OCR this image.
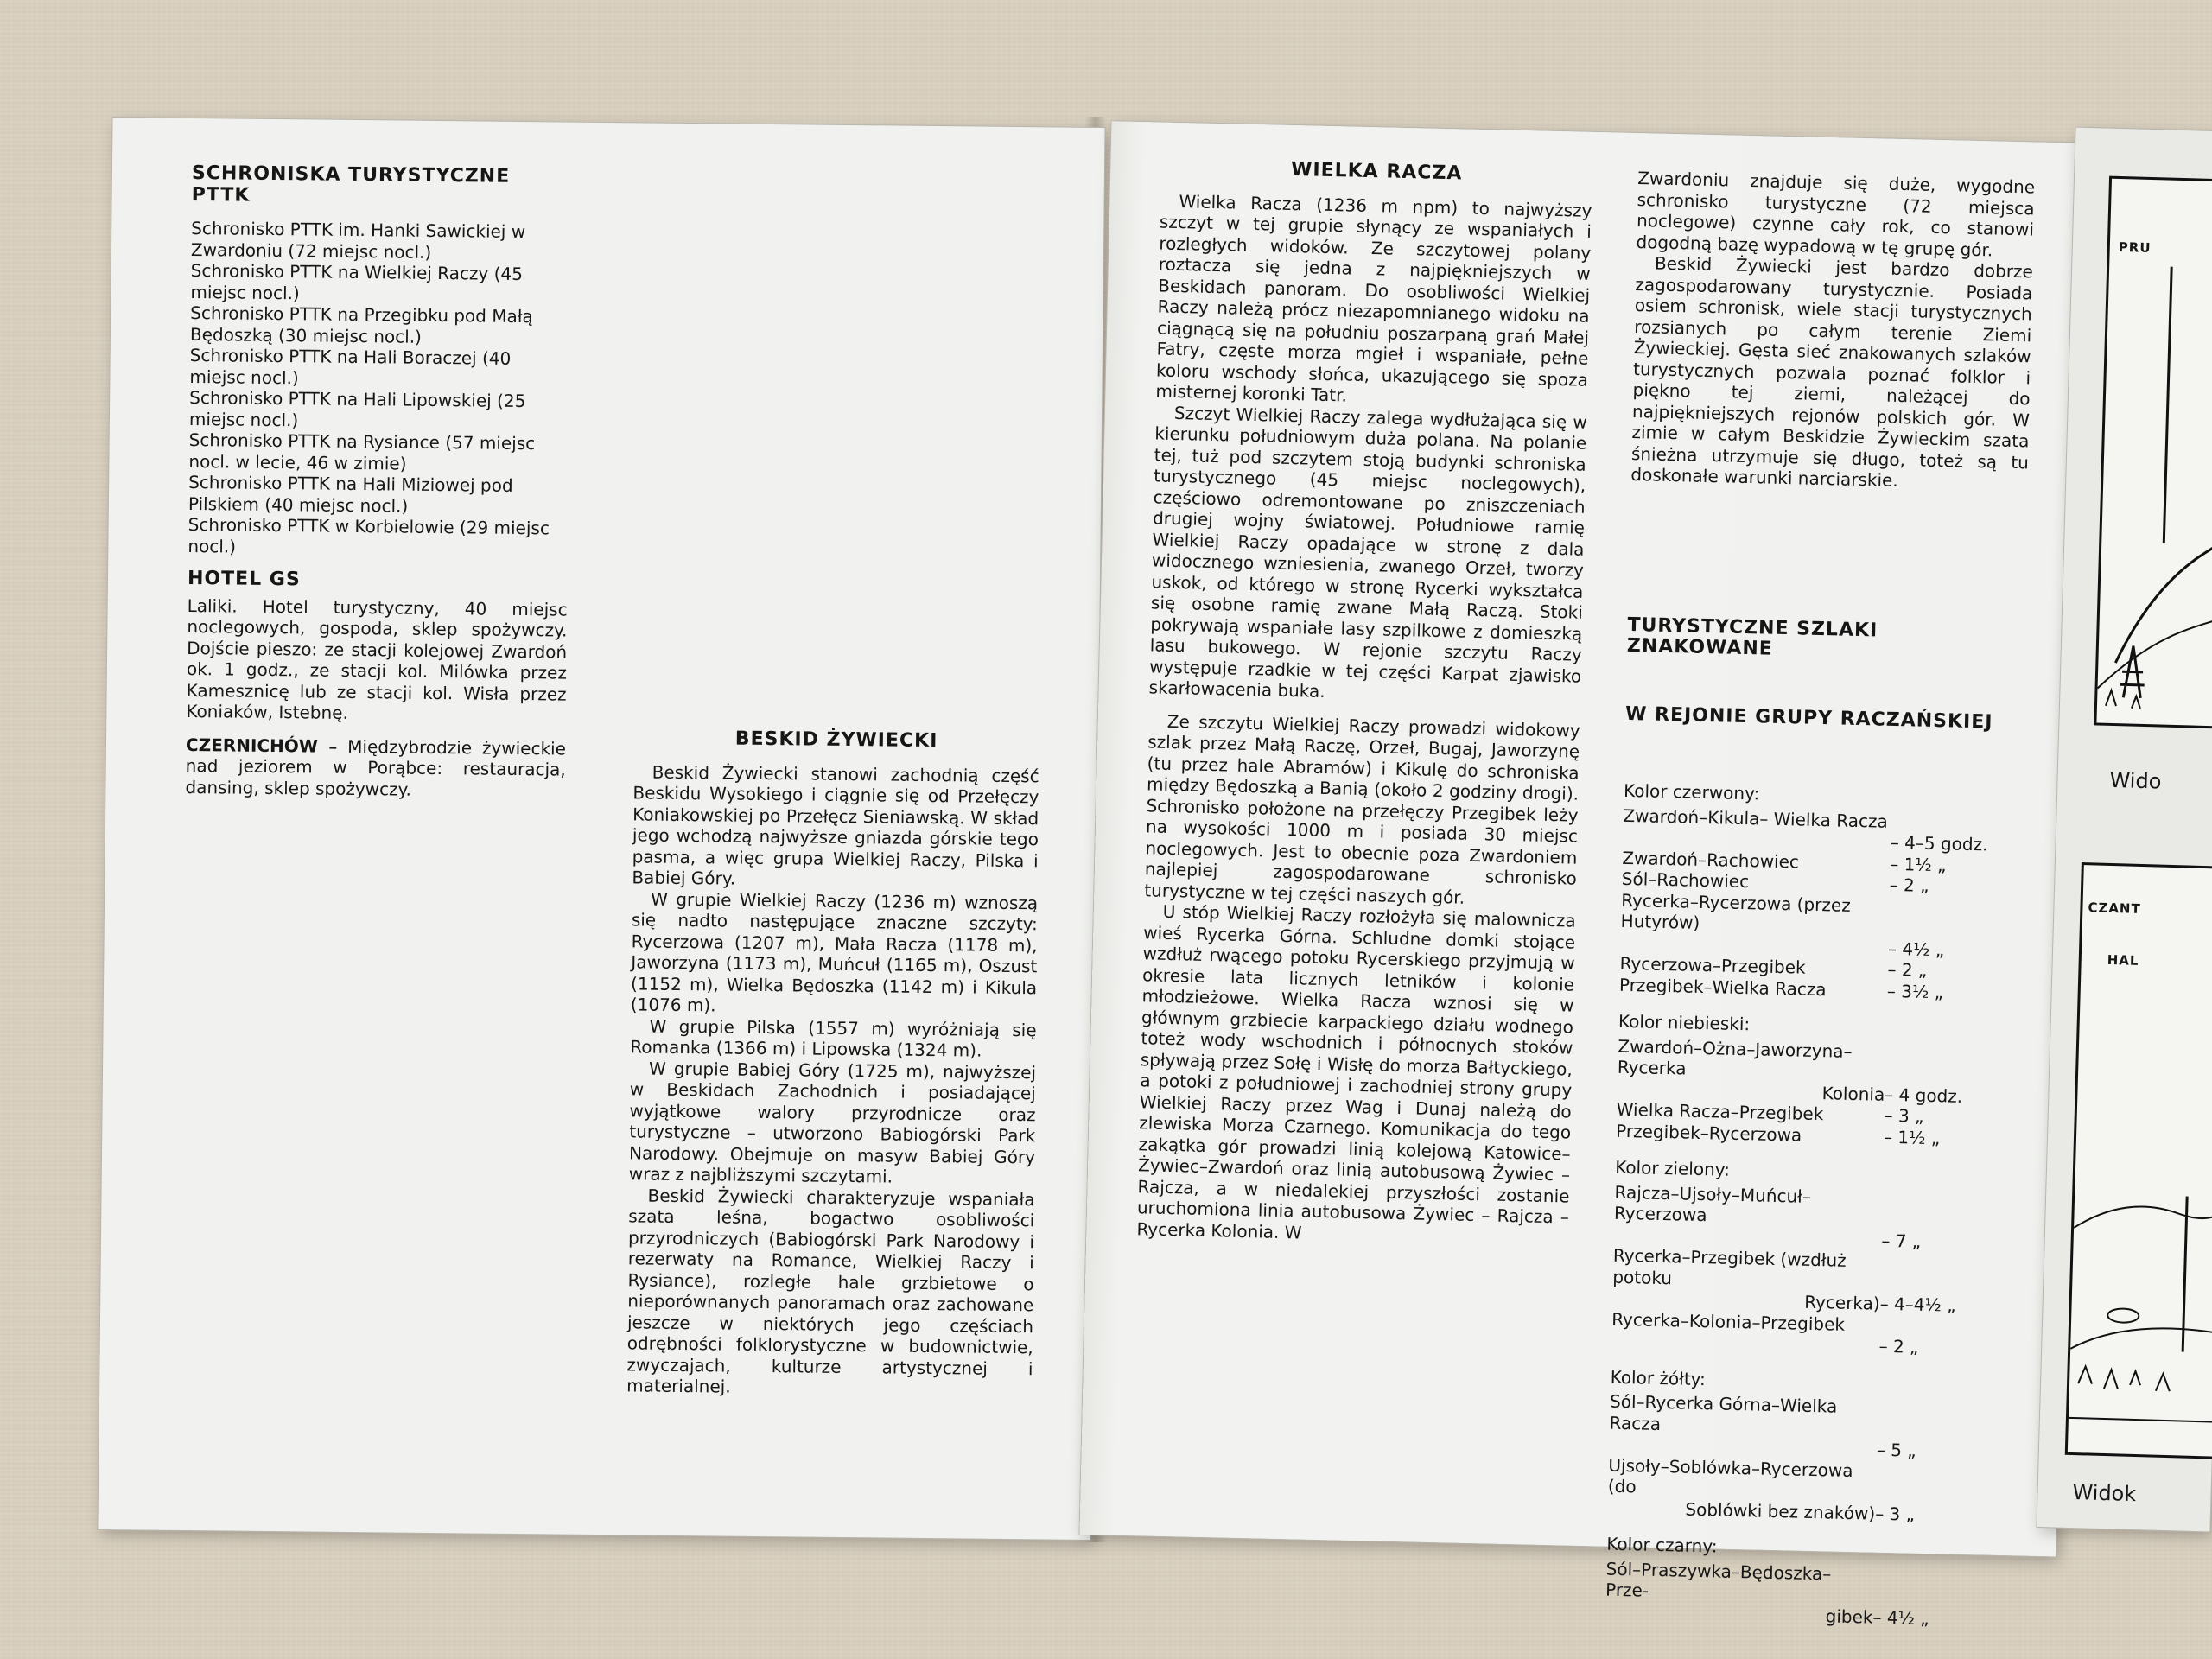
SCHRONISKA TURYSTYCZNE PTTK

Schronisko PTTK im. Hanki Sawickiej w Zwardoniu (72 miejsc nocl.)

Schronisko PTTK na Wielkiej Raczy (45 miejsc nocl.)

Schronisko PTTK na Przegibku pod Małą Będoszką (30 miejsc nocl.)

Schronisko PTTK na Hali Boraczej (40 miejsc nocl.)

Schronisko PTTK na Hali Lipowskiej (25 miejsc nocl.)

Schronisko PTTK na Rysiance (57 miejsc nocl. w lecie, 46 w zimie)

Schronisko PTTK na Hali Miziowej pod Pilskiem (40 miejsc nocl.)

Schronisko PTTK w Korbielowie (29 miejsc nocl.)

HOTEL GS

Laliki. Hotel turystyczny, 40 miejsc noclegowych, gospoda, sklep spożywczy. Dojście pieszo: ze stacji kolejowej Zwardoń ok. 1 godz., ze stacji kol. Milówka przez Kamesznicę lub ze stacji kol. Wisła przez Koniaków, Istebnę.

CZERNICHÓW – Międzybrodzie żywieckie nad jeziorem w Porąbce: restauracja, dansing, sklep spożywczy.

BESKID ŻYWIECKI

Beskid Żywiecki stanowi zachodnią część Beskidu Wysokiego i ciągnie się od Przełęczy Koniakowskiej po Przełęcz Sieniawską. W skład jego wchodzą najwyższe gniazda górskie tego pasma, a więc grupa Wielkiej Raczy, Pilska i Babiej Góry.

W grupie Wielkiej Raczy (1236 m) wznoszą się nadto następujące znaczne szczyty: Rycerzowa (1207 m), Mała Racza (1178 m), Jaworzyna (1173 m), Muńcuł (1165 m), Oszust (1152 m), Wielka Będoszka (1142 m) i Kikula (1076 m).

W grupie Pilska (1557 m) wyróżniają się Romanka (1366 m) i Lipowska (1324 m).

W grupie Babiej Góry (1725 m), najwyższej w Beskidach Zachodnich i posiadającej wyjątkowe walory przyrodnicze oraz turystyczne – utworzono Babiogórski Park Narodowy. Obejmuje on masyw Babiej Góry wraz z najbliższymi szczytami.

Beskid Żywiecki charakteryzuje wspaniała szata leśna, bogactwo osobliwości przyrodniczych (Babiogórski Park Narodowy i rezerwaty na Romance, Wielkiej Raczy i Rysiance), rozległe hale grzbietowe o nieporównanych panoramach oraz zachowane jeszcze w niektórych jego częściach odrębności folklorystyczne w budownictwie, zwyczajach, kulturze artystycznej i materialnej.

WIELKA RACZA

Wielka Racza (1236 m npm) to najwyższy szczyt w tej grupie słynący ze wspaniałych i rozległych widoków. Ze szczytowej polany roztacza się jedna z najpiękniejszych w Beskidach panoram. Do osobliwości Wielkiej Raczy należą prócz niezapomnianego widoku na ciągnącą się na południu poszarpaną grań Małej Fatry, częste morza mgieł i wspaniałe, pełne koloru wschody słońca, ukazującego się spoza misternej koronki Tatr.

Szczyt Wielkiej Raczy zalega wydłużająca się w kierunku południowym duża polana. Na polanie tej, tuż pod szczytem stoją budynki schroniska turystycznego (45 miejsc noclegowych), częściowo odremontowane po zniszczeniach drugiej wojny światowej. Południowe ramię Wielkiej Raczy opadające w stronę z dala widocznego wzniesienia, zwanego Orzeł, tworzy uskok, od którego w stronę Rycerki wykształca się osobne ramię zwane Małą Raczą. Stoki pokrywają wspaniałe lasy szpilkowe z domieszką lasu bukowego. W rejonie szczytu Raczy występuje rzadkie w tej części Karpat zjawisko skarłowacenia buka.

Ze szczytu Wielkiej Raczy prowadzi widokowy szlak przez Małą Raczę, Orzeł, Bugaj, Jaworzynę (tu przez hale Abramów) i Kikulę do schroniska między Będoszką a Banią (około 2 godziny drogi). Schronisko położone na przełęczy Przegibek leży na wysokości 1000 m i posiada 30 miejsc noclegowych. Jest to obecnie poza Zwardoniem najlepiej zagospodarowane schronisko turystyczne w tej części naszych gór.

U stóp Wielkiej Raczy rozłożyła się malownicza wieś Rycerka Górna. Schludne domki stojące wzdłuż rwącego potoku Rycerskiego przyjmują w okresie lata licznych letników i kolonie młodzieżowe. Wielka Racza wznosi się w głównym grzbiecie karpackiego działu wodnego toteż wody wschodnich i północnych stoków spływają przez Sołę i Wisłę do morza Bałtyckiego, a potoki z południowej i zachodniej strony grupy Wielkiej Raczy przez Wag i Dunaj należą do zlewiska Morza Czarnego. Komunikacja do tego zakątka gór prowadzi linią kolejową Katowice–Żywiec–Zwardoń oraz linią autobusową Żywiec –Rajcza, a w niedalekiej przyszłości zostanie uruchomiona linia autobusowa Żywiec – Rajcza – Rycerka Kolonia. W

Zwardoniu znajduje się duże, wygodne schronisko turystyczne (72 miejsca noclegowe) czynne cały rok, co stanowi dogodną bazę wypadową w tę grupę gór.

Beskid Żywiecki jest bardzo dobrze zagospodarowany turystycznie. Posiada osiem schronisk, wiele stacji turystycznych rozsianych po całym terenie Ziemi Żywieckiej. Gęsta sieć znakowanych szlaków turystycznych pozwala poznać folklor i piękno tej ziemi, należącej do najpiękniejszych rejonów polskich gór. W zimie w całym Beskidzie Żywieckim szata śnieżna utrzymuje się długo, toteż są tu doskonałe warunki narciarskie.

TURYSTYCZNE SZLAKI ZNAKOWANE
W REJONIE GRUPY RACZAŃSKIEJ
Kolor czerwony:
Zwardoń–Kikula– Wielka Racza
– 4–5 godz.
Zwardoń–Rachowiec	– 1½ „
Sól–Rachowiec	– 2 „
Rycerka–Rycerzowa (przez Hutyrów)
– 4½ „
Rycerzowa–Przegibek	– 2 „
Przegibek–Wielka Racza	– 3½ „
Kolor niebieski:
Zwardoń–Ożna–Jaworzyna–Rycerka
Kolonia – 4 godz.
Wielka Racza–Przegibek	– 3 „
Przegibek–Rycerzowa	– 1½ „
Kolor zielony:
Rajcza–Ujsoły–Muńcuł–Rycerzowa
– 7 „
Rycerka–Przegibek (wzdłuż potoku
Rycerka) – 4–4½ „
Rycerka–Kolonia–Przegibek
– 2 „
Kolor żółty:
Sól–Rycerka Górna–Wielka Racza
– 5 „
Ujsoły–Soblówka–Rycerzowa (do
Soblówki bez znaków) – 3 „
Kolor czarny:
Sól–Praszywka–Będoszka–Prze-
gibek – 4½ „
PRU
Wido
CZANT
HAL
Widok
